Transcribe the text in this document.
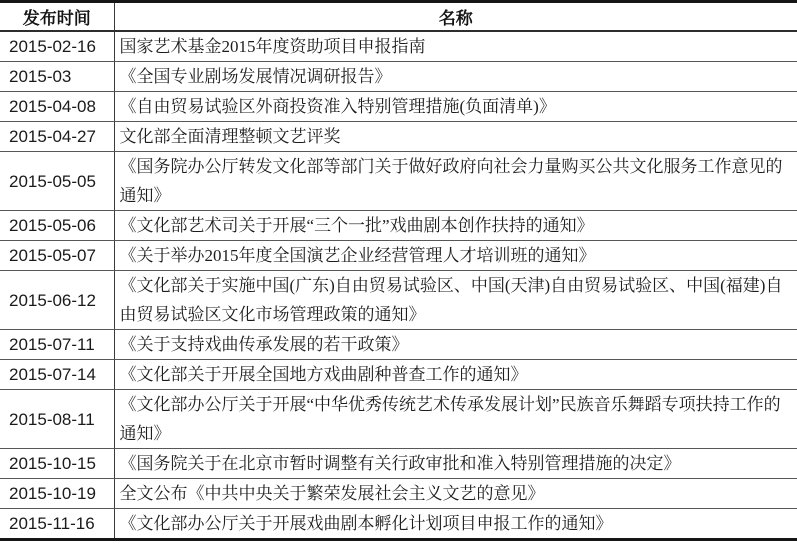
发布时间	名称
2015-02-16	国家艺术基金2015年度资助项目申报指南
2015-03	《全国专业剧场发展情况调研报告》
2015-04-08	《自由贸易试验区外商投资准入特别管理措施(负面清单)》
2015-04-27	文化部全面清理整顿文艺评奖
2015-05-05	《国务院办公厅转发文化部等部门关于做好政府向社会力量购买公共文化服务工作意见的通知》
2015-05-06	《文化部艺术司关于开展“三个一批”戏曲剧本创作扶持的通知》
2015-05-07	《关于举办2015年度全国演艺企业经营管理人才培训班的通知》
2015-06-12	《文化部关于实施中国(广东)自由贸易试验区、中国(天津)自由贸易试验区、中国(福建)自由贸易试验区文化市场管理政策的通知》
2015-07-11	《关于支持戏曲传承发展的若干政策》
2015-07-14	《文化部关于开展全国地方戏曲剧种普查工作的通知》
2015-08-11	《文化部办公厅关于开展“中华优秀传统艺术传承发展计划”民族音乐舞蹈专项扶持工作的通知》
2015-10-15	《国务院关于在北京市暂时调整有关行政审批和准入特别管理措施的决定》
2015-10-19	全文公布《中共中央关于繁荣发展社会主义文艺的意见》
2015-11-16	《文化部办公厅关于开展戏曲剧本孵化计划项目申报工作的通知》
